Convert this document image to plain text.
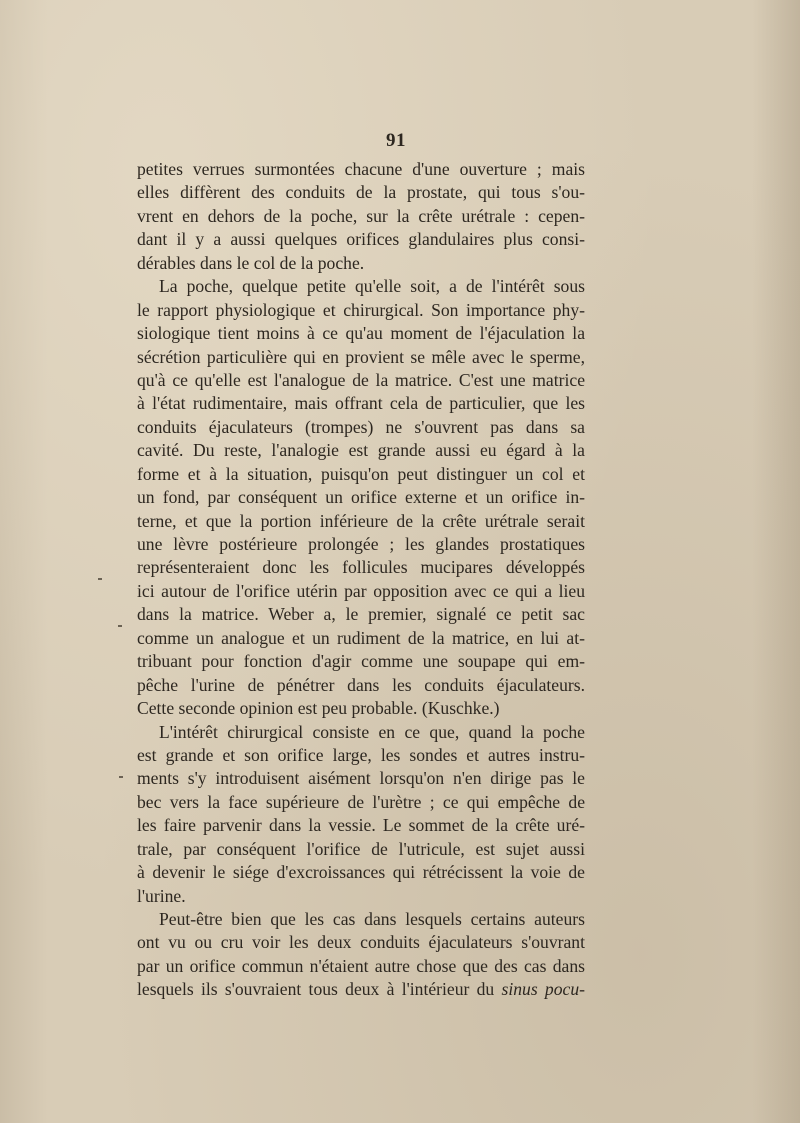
91
petites verrues surmontées chacune d'une ouverture ; mais
elles diffèrent des conduits de la prostate, qui tous s'ou-
vrent en dehors de la poche, sur la crête urétrale : cepen-
dant il y a aussi quelques orifices glandulaires plus consi-
dérables dans le col de la poche.
La poche, quelque petite qu'elle soit, a de l'intérêt sous
le rapport physiologique et chirurgical. Son importance phy-
siologique tient moins à ce qu'au moment de l'éjaculation la
sécrétion particulière qui en provient se mêle avec le sperme,
qu'à ce qu'elle est l'analogue de la matrice. C'est une matrice
à l'état rudimentaire, mais offrant cela de particulier, que les
conduits éjaculateurs (trompes) ne s'ouvrent pas dans sa
cavité. Du reste, l'analogie est grande aussi eu égard à la
forme et à la situation, puisqu'on peut distinguer un col et
un fond, par conséquent un orifice externe et un orifice in-
terne, et que la portion inférieure de la crête urétrale serait
une lèvre postérieure prolongée ; les glandes prostatiques
représenteraient donc les follicules mucipares développés
ici autour de l'orifice utérin par opposition avec ce qui a lieu
dans la matrice. Weber a, le premier, signalé ce petit sac
comme un analogue et un rudiment de la matrice, en lui at-
tribuant pour fonction d'agir comme une soupape qui em-
pêche l'urine de pénétrer dans les conduits éjaculateurs.
Cette seconde opinion est peu probable. (Kuschke.)
L'intérêt chirurgical consiste en ce que, quand la poche
est grande et son orifice large, les sondes et autres instru-
ments s'y introduisent aisément lorsqu'on n'en dirige pas le
bec vers la face supérieure de l'urètre ; ce qui empêche de
les faire parvenir dans la vessie. Le sommet de la crête uré-
trale, par conséquent l'orifice de l'utricule, est sujet aussi
à devenir le siége d'excroissances qui rétrécissent la voie de
l'urine.
Peut-être bien que les cas dans lesquels certains auteurs
ont vu ou cru voir les deux conduits éjaculateurs s'ouvrant
par un orifice commun n'étaient autre chose que des cas dans
lesquels ils s'ouvraient tous deux à l'intérieur du sinus pocu-
